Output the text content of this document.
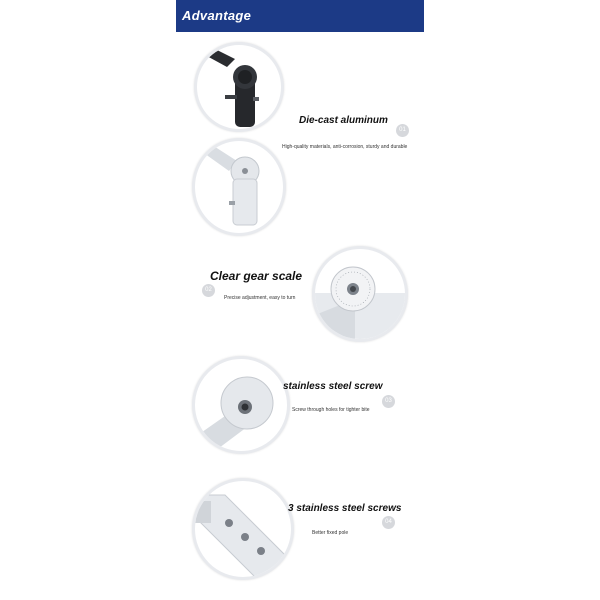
Advantage
Die-cast aluminum
01
High-quality materials, anti-corrosion, sturdy and durable
Clear gear scale
02
Precise adjustment, easy to turn
stainless steel screw
03
Screw through holes for tighter bite
3 stainless steel screws
04
Better fixed pole
